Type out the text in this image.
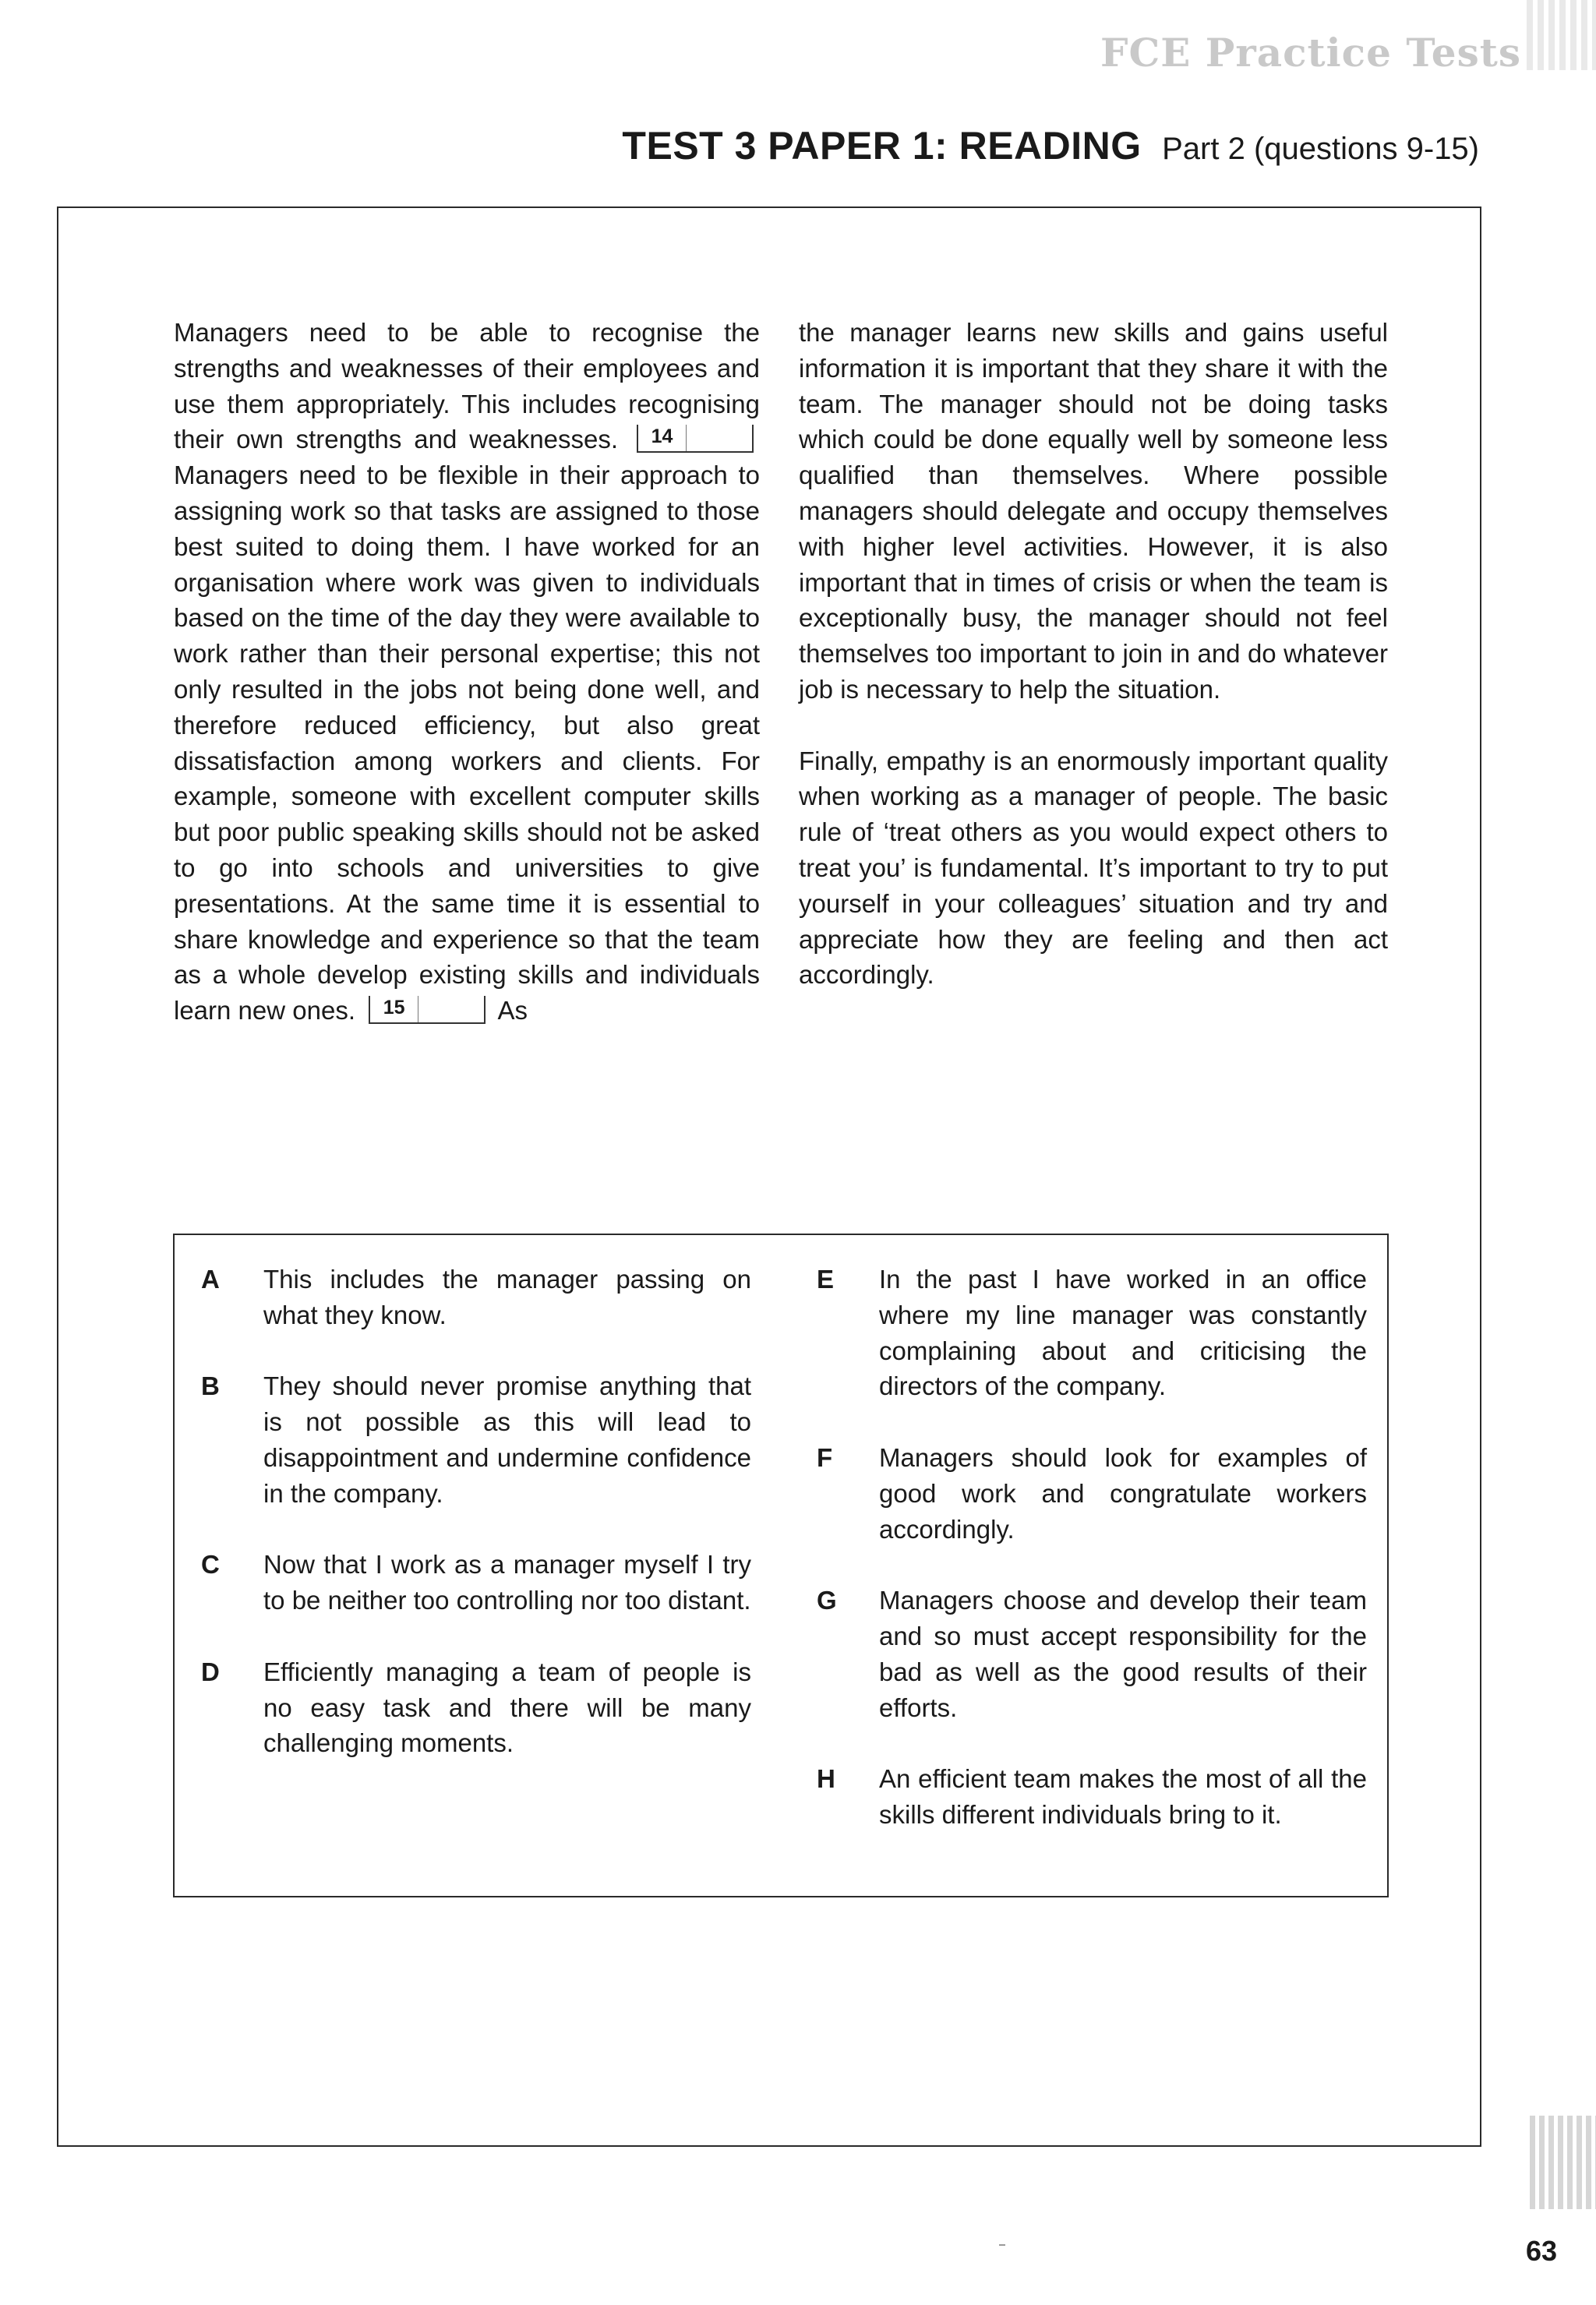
FCE Practice Tests
TEST 3 PAPER 1: READING Part 2 (questions 9-15)

Managers need to be able to recognise the strengths and weaknesses of their employees and use them appropriately. This includes recognising their own strengths and weaknesses.	14
Managers need to be flexible in their approach to assigning work so that tasks are assigned to those best suited to doing them. I have worked for an organisation where work was given to individuals based on the time of the day they were available to work rather than their personal expertise; this not only resulted in the jobs not being done well, and therefore reduced efficiency, but also great dissatisfaction among workers and clients. For example, someone with excellent computer skills but poor public speaking skills should not be asked to go into schools and universities to give presentations. At the same time it is essential to share knowledge and experience so that the team as a whole develop existing skills and individuals learn new ones.	15	As

the manager learns new skills and gains useful information it is important that they share it with the team. The manager should not be doing tasks which could be done equally well by someone less qualified than themselves. Where possible managers should delegate and occupy themselves with higher level activities. However, it is also important that in times of crisis or when the team is exceptionally busy, the manager should not feel themselves too important to join in and do whatever job is necessary to help the situation.

Finally, empathy is an enormously important quality when working as a manager of people. The basic rule of ‘treat others as you would expect others to treat you’ is fundamental. It’s important to try to put yourself in your colleagues’ situation and try and appreciate how they are feeling and then act accordingly.

A	This includes the manager passing on what they know.
B	They should never promise anything that is not possible as this will lead to disappointment and undermine confidence in the company.
C	Now that I work as a manager myself I try to be neither too controlling nor too distant.
D	Efficiently managing a team of people is no easy task and there will be many challenging moments.
E	In the past I have worked in an office where my line manager was constantly complaining about and criticising the directors of the company.
F	Managers should look for examples of good work and congratulate workers accordingly.
G	Managers choose and develop their team and so must accept responsibility for the bad as well as the good results of their efforts.
H	An efficient team makes the most of all the skills different individuals bring to it.
63
